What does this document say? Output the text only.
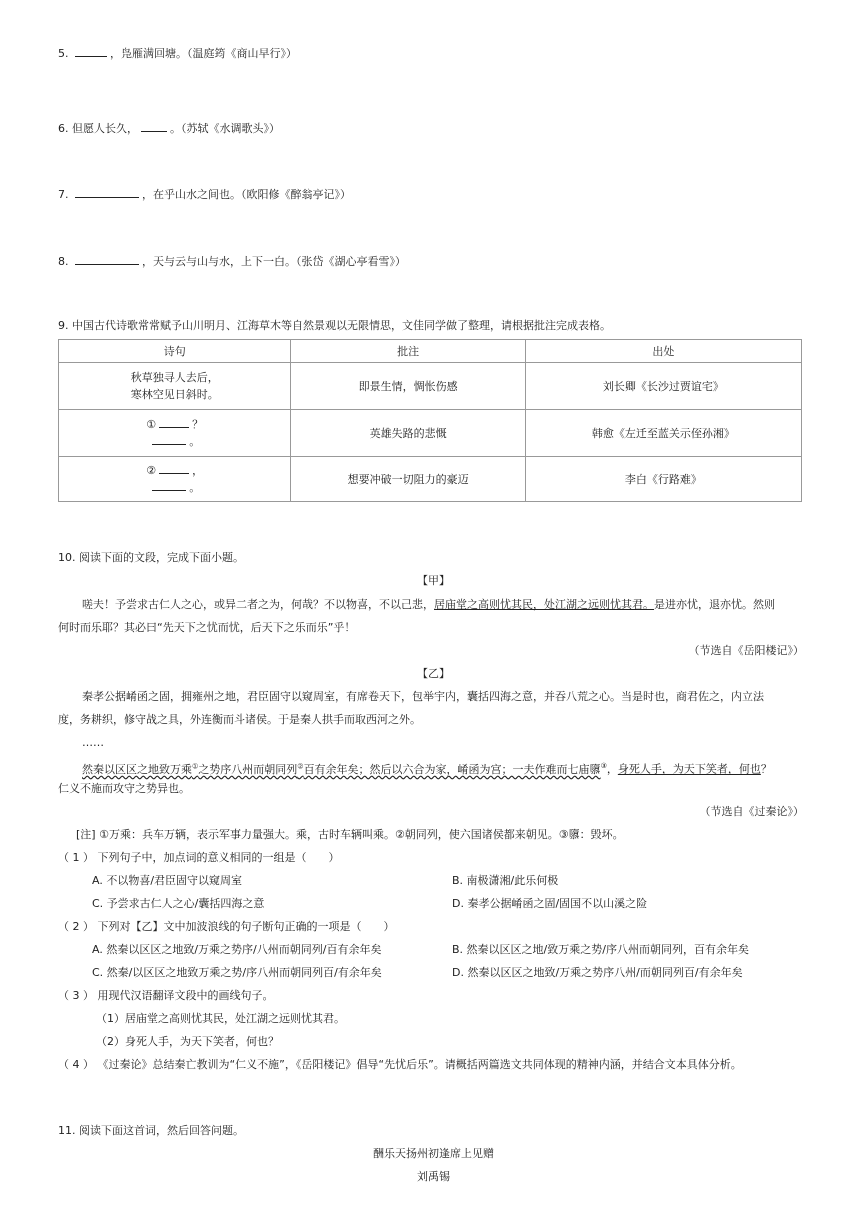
5.	，凫雁满回塘。（温庭筠《商山早行》）
6. 但愿人长久，	。（苏轼《水调歌头》）
7.	，在乎山水之间也。（欧阳修《醉翁亭记》）
8.	，天与云与山与水，上下一白。（张岱《湖心亭看雪》）
9. 中国古代诗歌常常赋予山川明月、江海草木等自然景观以无限情思，文佳同学做了整理，请根据批注完成表格。
诗句	批注	出处

秋草独寻人去后，
寒林空见日斜时。	即景生情，惆怅伤感	刘长卿《长沙过贾谊宅》

① ？
。	英雄失路的悲慨	韩愈《左迁至蓝关示侄孙湘》

② ，
。	想要冲破一切阻力的豪迈	李白《行路难》
10. 阅读下面的文段，完成下面小题。
【甲】
嗟夫！予尝求古仁人之心，或异二者之为，何哉？不以物喜，不以己悲，居庙堂之高则忧其民，处江湖之远则忧其君。是进亦忧，退亦忧。然则
何时而乐耶？其必曰“先天下之忧而忧，后天下之乐而乐”乎！
（节选自《岳阳楼记》）
【乙】
秦孝公据崤函之固，拥雍州之地，君臣固守以窥周室，有席卷天下，包举宇内，囊括四海之意，并吞八荒之心。当是时也，商君佐之，内立法
度，务耕织，修守战之具，外连衡而斗诸侯。于是秦人拱手而取西河之外。
……
然秦以区区之地致万乘①之势序八州而朝同列②百有余年矣；然后以六合为家，崤函为宫；一夫作难而七庙隳③，身死人手，为天下笑者，何也？
仁义不施而攻守之势异也。
（节选自《过秦论》）
[注] ①万乘：兵车万辆，表示军事力量强大。乘，古时车辆叫乘。②朝同列，使六国诸侯都来朝见。③隳：毁坏。
（ 1 ） 下列句子中，加点词的意义相同的一组是（　　）
A. 不以物喜/君臣固守以窥周室	B. 南极潇湘/此乐何极
C. 予尝求古仁人之心/囊括四海之意	D. 秦孝公据崤函之固/固国不以山溪之险
（ 2 ） 下列对【乙】文中加波浪线的句子断句正确的一项是（　　）
A. 然秦以区区之地致/万乘之势序/八州而朝同列/百有余年矣	B. 然秦以区区之地/致万乘之势/序八州而朝同列，百有余年矣
C. 然秦/以区区之地致万乘之势/序八州而朝同列百/有余年矣	D. 然秦以区区之地致/万乘之势序八州/而朝同列百/有余年矣
（ 3 ） 用现代汉语翻译文段中的画线句子。
（1）居庙堂之高则忧其民，处江湖之远则忧其君。
（2）身死人手，为天下笑者，何也？
（ 4 ） 《过秦论》总结秦亡教训为“仁义不施”，《岳阳楼记》倡导“先忧后乐”。请概括两篇选文共同体现的精神内涵，并结合文本具体分析。
11. 阅读下面这首词，然后回答问题。
酬乐天扬州初逢席上见赠
刘禹锡
